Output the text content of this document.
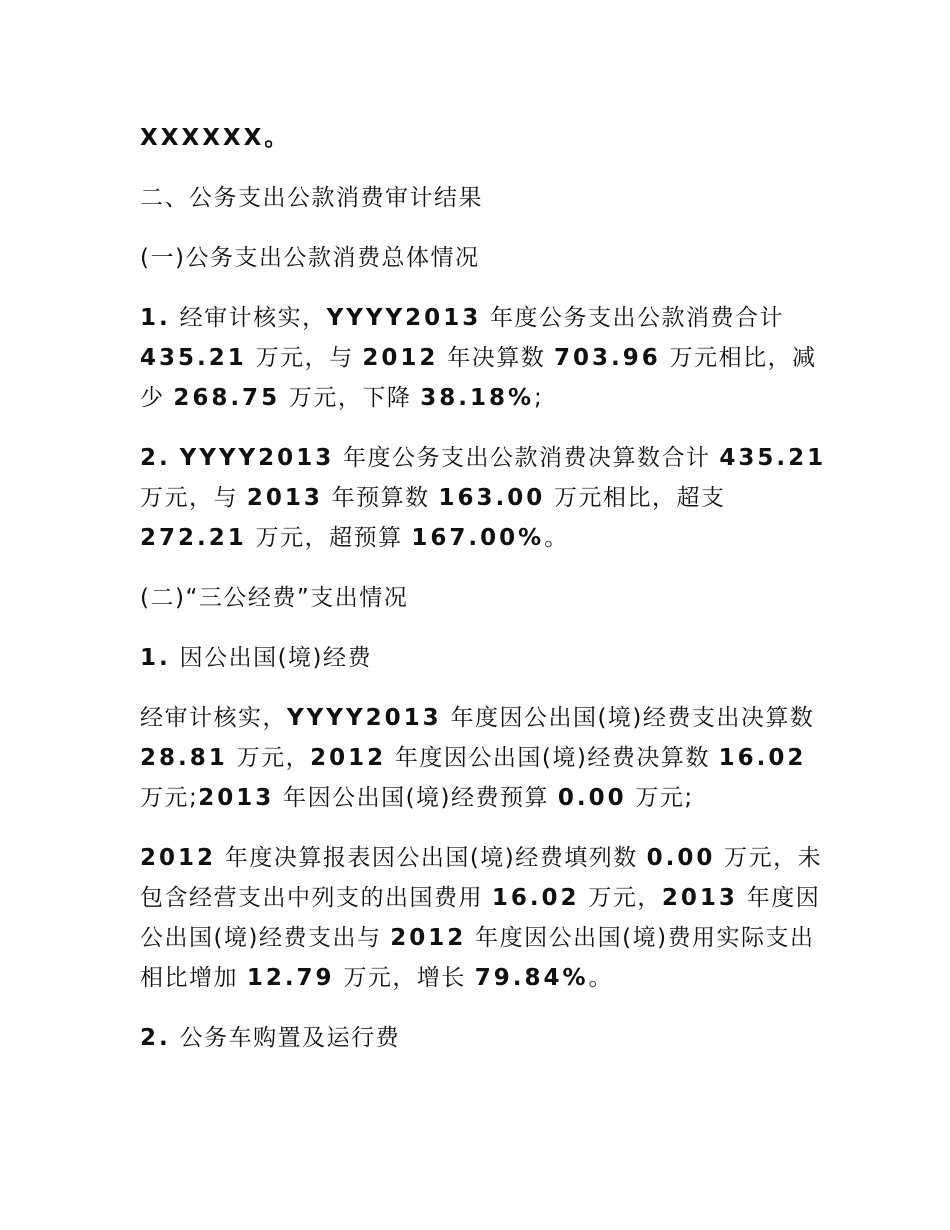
XXXXXX。

二、公务支出公款消费审计结果

(一)公务支出公款消费总体情况

1. 经审计核实，YYYY2013 年度公务支出公款消费合计 435.21 万元，与 2012 年决算数 703.96 万元相比，减少 268.75 万元，下降 38.18%;

2. YYYY2013 年度公务支出公款消费决算数合计 435.21 万元，与 2013 年预算数 163.00 万元相比，超支 272.21 万元，超预算 167.00%。

(二)“三公经费”支出情况

1. 因公出国(境)经费

经审计核实，YYYY2013 年度因公出国(境)经费支出决算数 28.81 万元，2012 年度因公出国(境)经费决算数 16.02 万元;2013 年因公出国(境)经费预算 0.00 万元;

2012 年度决算报表因公出国(境)经费填列数 0.00 万元，未包含经营支出中列支的出国费用 16.02 万元，2013 年度因公出国(境)经费支出与 2012 年度因公出国(境)费用实际支出相比增加 12.79 万元，增长 79.84%。

2. 公务车购置及运行费
